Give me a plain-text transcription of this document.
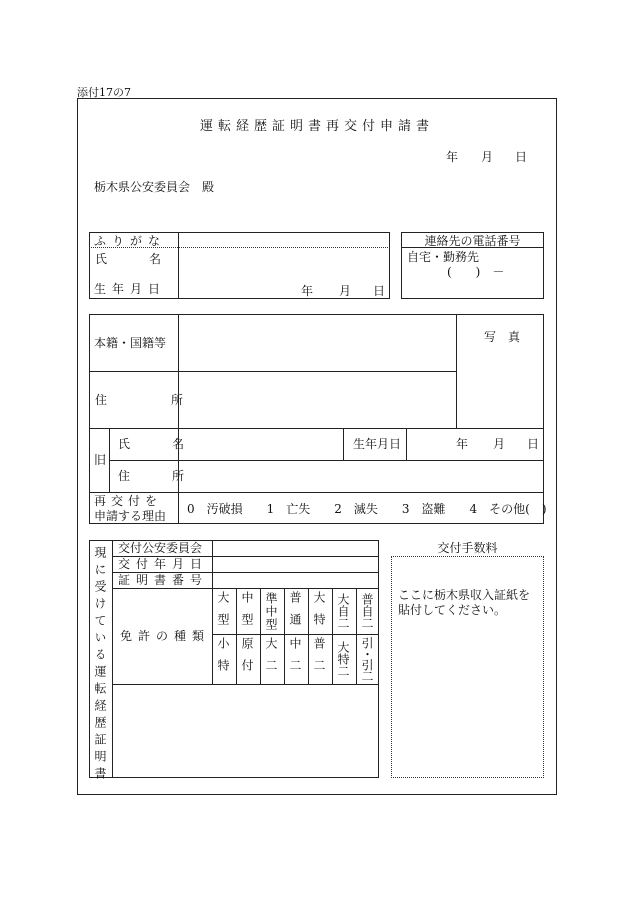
添付17の7
運転経歴証明書再交付申請書
年 月 日
栃木県公安委員会　殿
ふりがな
氏　　名
生年月日	年 月 日
連絡先の電話番号
自宅・勤務先
(　　)　－
本籍・国籍等	写　真
住　　　所
旧
氏　　名	生年月日	年 月 日
住　　所
再交付を
申請する理由 0　汚破損　　1　亡失　　2　滅失　　3　盗難　　4　その他(　)
現に受けている運転経歴証明書 交付公安委員会
交付年月日
証明書番号
免許の種類
大型 中型 準中型 普通 大特 大自二 普自二
小特 原付 大二 中二 普二 大特二 引・引二
交付手数料
ここに栃木県収入証紙を
貼付してください。
